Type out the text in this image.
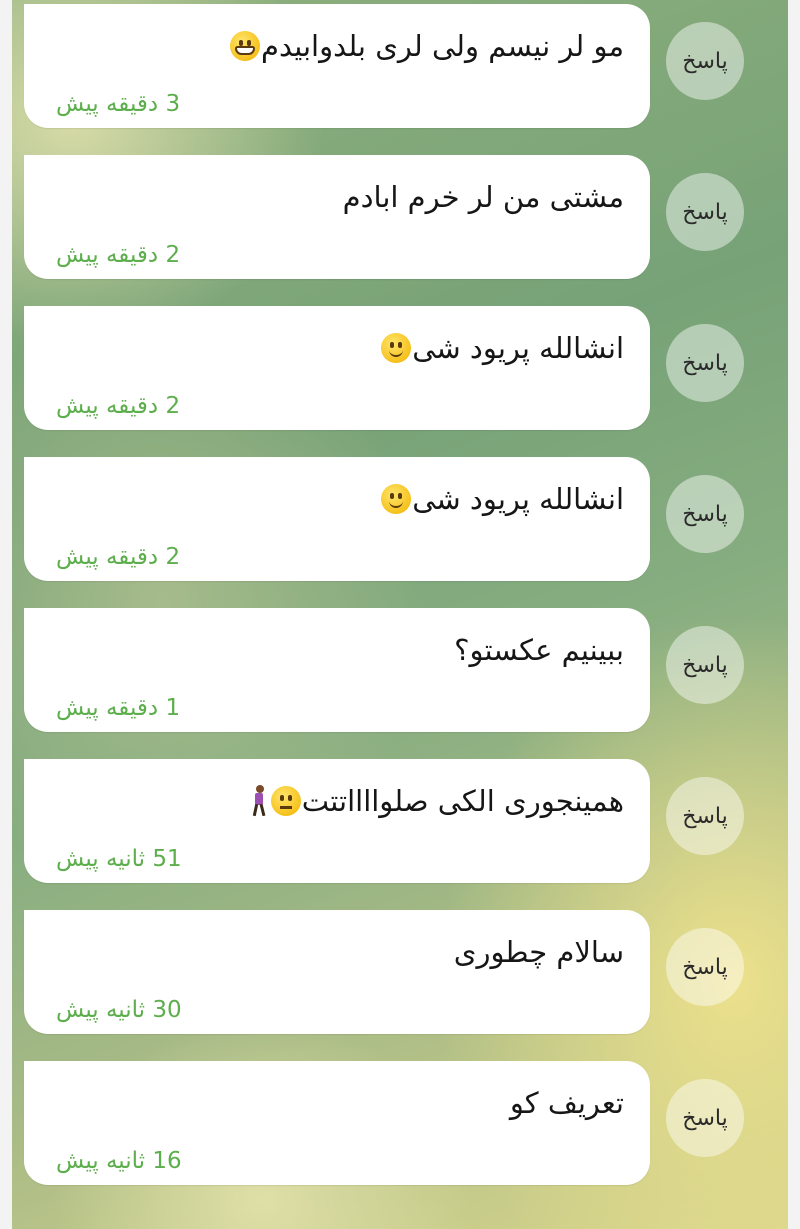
مو لر نیسم ولی لری بلدوابیدم
3 دقیقه پیش
پاسخ
مشتی من لر خرم ابادم
2 دقیقه پیش
پاسخ
انشالله پریود شی
2 دقیقه پیش
پاسخ
انشالله پریود شی
2 دقیقه پیش
پاسخ
ببینیم عکستو؟
1 دقیقه پیش
پاسخ
همینجوری الکی صلوااااتتت
51 ثانیه پیش
پاسخ
سالام چطوری
30 ثانیه پیش
پاسخ
تعریف کو
16 ثانیه پیش
پاسخ
